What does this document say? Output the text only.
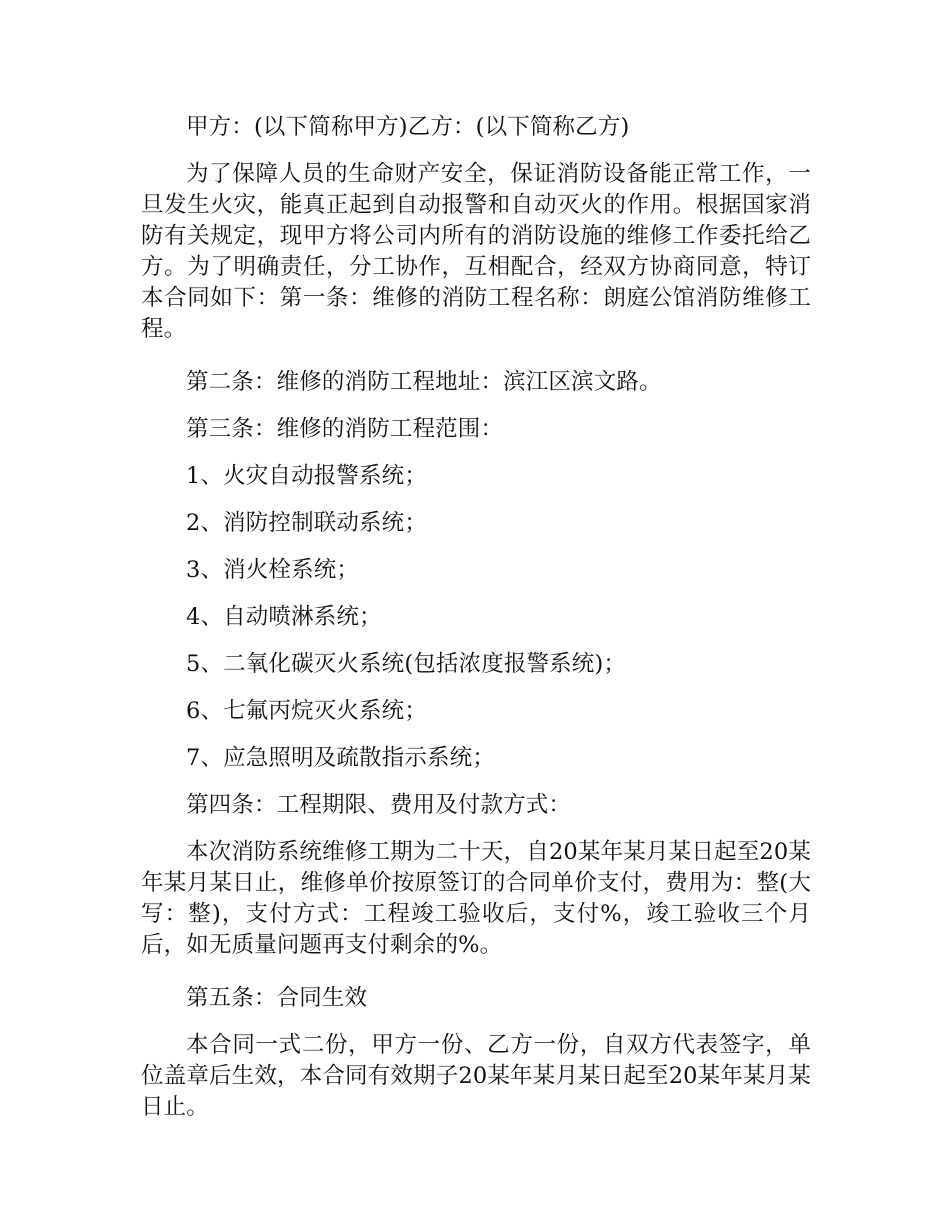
甲方：(以下简称甲方)乙方：(以下简称乙方)

为了保障人员的生命财产安全，保证消防设备能正常工作，一旦发生火灾，能真正起到自动报警和自动灭火的作用。根据国家消防有关规定，现甲方将公司内所有的消防设施的维修工作委托给乙方。为了明确责任，分工协作，互相配合，经双方协商同意，特订本合同如下：第一条：维修的消防工程名称：朗庭公馆消防维修工程。

第二条：维修的消防工程地址：滨江区滨文路。

第三条：维修的消防工程范围：

1、火灾自动报警系统；

2、消防控制联动系统；

3、消火栓系统；

4、自动喷淋系统；

5、二氧化碳灭火系统(包括浓度报警系统)；

6、七氟丙烷灭火系统；

7、应急照明及疏散指示系统；

第四条：工程期限、费用及付款方式：

本次消防系统维修工期为二十天，自20某年某月某日起至20某年某月某日止，维修单价按原签订的合同单价支付，费用为：整(大写：整)，支付方式：工程竣工验收后，支付%，竣工验收三个月后，如无质量问题再支付剩余的%。

第五条：合同生效

本合同一式二份，甲方一份、乙方一份，自双方代表签字，单位盖章后生效，本合同有效期子20某年某月某日起至20某年某月某日止。
